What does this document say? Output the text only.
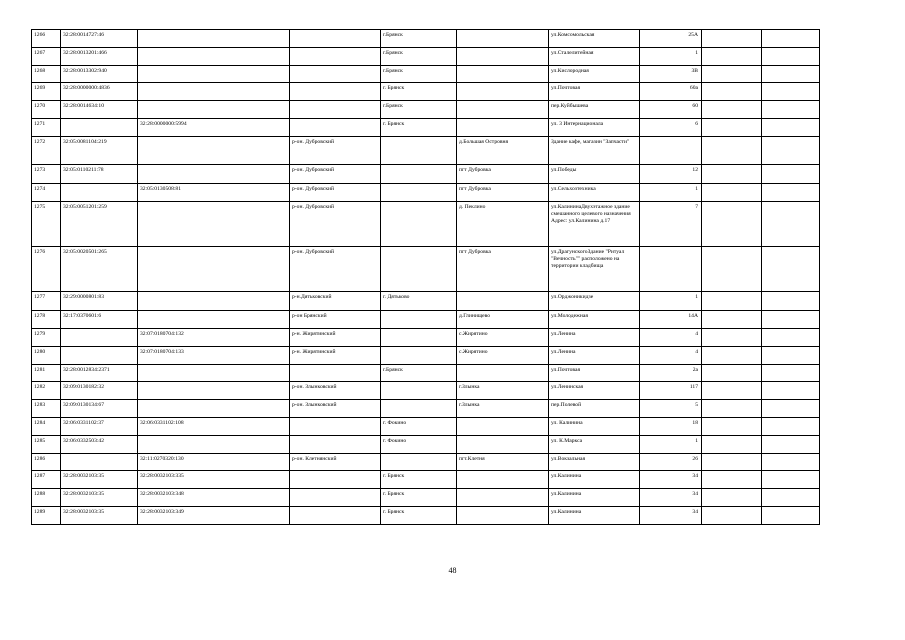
1266	32:28:0014727:46			г.Брянск		ул.Комсомольская	25А		
1267	32:28:0013201:466			г.Брянск		ул.Сталелитейная	1		
1268	32:28:0013302:940			г.Брянск		ул.Кислородная	3В		
1269	32:28:0000000:4836			г. Брянск		ул.Почтовая	60а		
1270	32:28:0014634:10			г.Брянск		пер.Куйбышева	60		
1271		32:28:0000000:5994		г. Брянск		ул. 3 Интернационала	6		
1272	32:05:0081104:219		р-он. Дубровский		д.Большая Островня	Здание кафе, магазин "Запчасти"			
1273	32:05:0110211:78		р-он. Дубровский		пгт Дубровка	ул.Победы	12		
1274		32:05:0130508:81	р-он. Дубровский		пгт Дубровка	ул.Сельхозтехника	1		
1275	32:05:0051201:259		р-он. Дубровский		д. Пеклино	ул.КалининаДвухэтажное здание смешанного целевого назначения Адрес: ул.Калинина д.17	7		
1276	32:05:0020501:265		р-он. Дубровский		пгт Дубровка	ул.ДрагунскогоЗдание "Ритуал "Вечность"" расположено на территории кладбища			
1277	32:29:0000801:83		р-н.Дятьковский	г. Дятьково		ул.Орджоникидзе	1		
1278	32:17:0370601:6		р-он Брянский		д.Глинищево	ул.Молодежная	14А		
1279		32:07:0180704:132	р-н. Жирятинский		с.Жирятино	ул.Ленина	4		
1280		32:07:0180704:133	р-н. Жирятинский		с.Жирятино	ул.Ленина	4		
1281	32:28:0012834:2371			г.Брянск		ул.Почтовая	2а		
1282	32:09:0130182:32		р-он. Злынковский		г.Злынка	ул.Ленинская	117		
1283	32:09:0130134:67		р-он. Злынковский		г.Злынка	пер.Полевой	5		
1284	32:06:0331102:37	32:06:0331102:108		г. Фокино		ул. Калинина	18		
1285	32:06:0332503:42			г. Фокино		ул. К.Маркса	1		
1286		32:11:0270320:130	р-он. Клетнянский		пгт.Клетня	ул.Вокзальная	26		
1287	32:28:0032103:35	32:28:0032103:335		г. Брянск		ул.Калинина	34		
1288	32:28:0032103:35	32:28:0032103:348		г. Брянск		ул.Калинина	34		
1289	32:28:0032103:35	32:28:0032103:349		г. Брянск		ул.Калинина	34		
48
